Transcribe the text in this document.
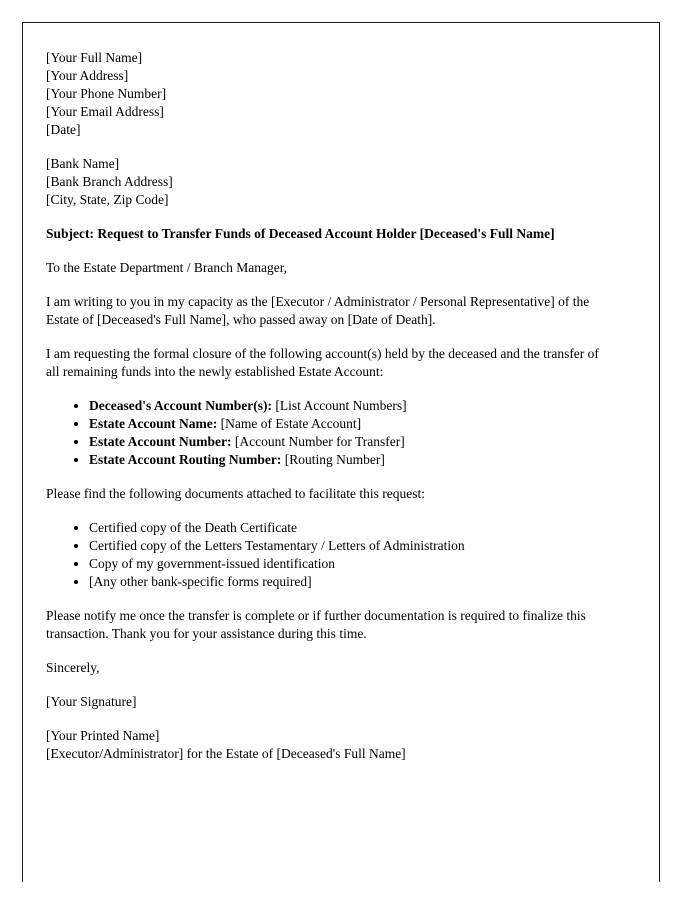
[Your Full Name]
[Your Address]
[Your Phone Number]
[Your Email Address]
[Date]
[Bank Name]
[Bank Branch Address]
[City, State, Zip Code]

Subject: Request to Transfer Funds of Deceased Account Holder [Deceased's Full Name]

To the Estate Department / Branch Manager,

I am writing to you in my capacity as the [Executor / Administrator / Personal Representative] of the Estate of [Deceased's Full Name], who passed away on [Date of Death].

I am requesting the formal closure of the following account(s) held by the deceased and the transfer of all remaining funds into the newly established Estate Account:

• Deceased's Account Number(s): [List Account Numbers]
• Estate Account Name: [Name of Estate Account]
• Estate Account Number: [Account Number for Transfer]
• Estate Account Routing Number: [Routing Number]

Please find the following documents attached to facilitate this request:

• Certified copy of the Death Certificate
• Certified copy of the Letters Testamentary / Letters of Administration
• Copy of my government-issued identification
• [Any other bank-specific forms required]

Please notify me once the transfer is complete or if further documentation is required to finalize this transaction. Thank you for your assistance during this time.

Sincerely,

[Your Signature]

[Your Printed Name]
[Executor/Administrator] for the Estate of [Deceased's Full Name]
